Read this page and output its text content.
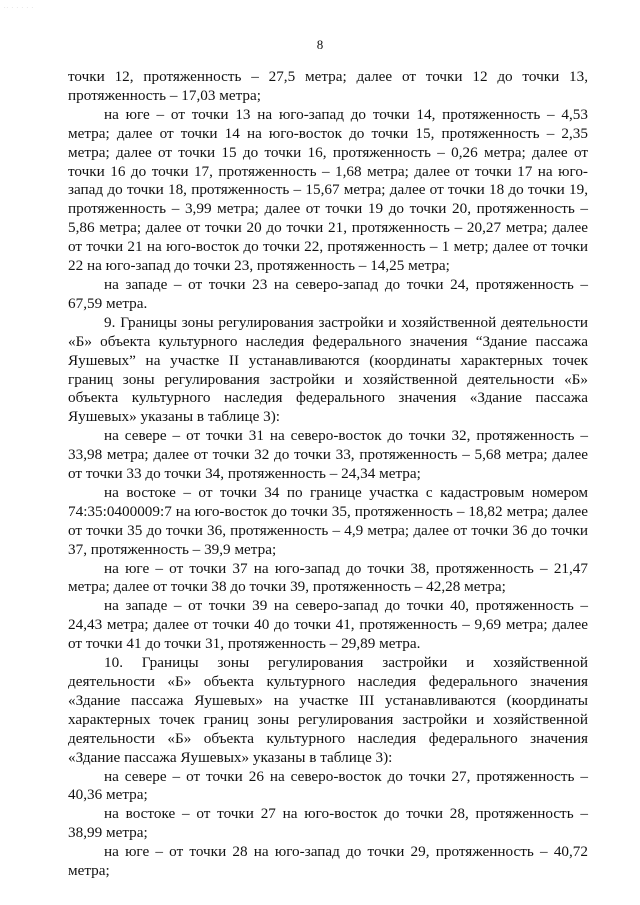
.. . . . . .
8

точки 12, протяженность – 27,5 метра; далее от точки 12 до точки 13, протяженность – 17,03 метра;

на юге – от точки 13 на юго-запад до точки 14, протяженность – 4,53 метра; далее от точки 14 на юго-восток до точки 15, протяженность – 2,35 метра; далее от точки 15 до точки 16, протяженность – 0,26 метра; далее от точки 16 до точки 17, протяженность – 1,68 метра; далее от точки 17 на юго-запад до точки 18, протяженность – 15,67 метра; далее от точки 18 до точки 19, протяженность – 3,99 метра; далее от точки 19 до точки 20, протяженность – 5,86 метра; далее от точки 20 до точки 21, протяженность – 20,27 метра; далее от точки 21 на юго-восток до точки 22, протяженность – 1 метр; далее от точки 22 на юго-запад до точки 23, протяженность – 14,25 метра;

на западе – от точки 23 на северо-запад до точки 24, протяженность – 67,59 метра.

9. Границы зоны регулирования застройки и хозяйственной деятельности «Б» объекта культурного наследия федерального значения “Здание пассажа Яушевых” на участке II устанавливаются (координаты характерных точек границ зоны регулирования застройки и хозяйственной деятельности «Б» объекта культурного наследия федерального значения «Здание пассажа Яушевых» указаны в таблице 3):

на севере – от точки 31 на северо-восток до точки 32, протяженность – 33,98 метра; далее от точки 32 до точки 33, протяженность – 5,68 метра; далее от точки 33 до точки 34, протяженность – 24,34 метра;

на востоке – от точки 34 по границе участка с кадастровым номером 74:35:0400009:7 на юго-восток до точки 35, протяженность – 18,82 метра; далее от точки 35 до точки 36, протяженность – 4,9 метра; далее от точки 36 до точки 37, протяженность – 39,9 метра;

на юге – от точки 37 на юго-запад до точки 38, протяженность – 21,47 метра; далее от точки 38 до точки 39, протяженность – 42,28 метра;

на западе – от точки 39 на северо-запад до точки 40, протяженность – 24,43 метра; далее от точки 40 до точки 41, протяженность – 9,69 метра; далее от точки 41 до точки 31, протяженность – 29,89 метра.

10. Границы зоны регулирования застройки и хозяйственной деятельности «Б» объекта культурного наследия федерального значения «Здание пассажа Яушевых» на участке III устанавливаются (координаты характерных точек границ зоны регулирования застройки и хозяйственной деятельности «Б» объекта культурного наследия федерального значения «Здание пассажа Яушевых» указаны в таблице 3):

на севере – от точки 26 на северо-восток до точки 27, протяженность – 40,36 метра;

на востоке – от точки 27 на юго-восток до точки 28, протяженность – 38,99 метра;

на юге – от точки 28 на юго-запад до точки 29, протяженность – 40,72 метра;
